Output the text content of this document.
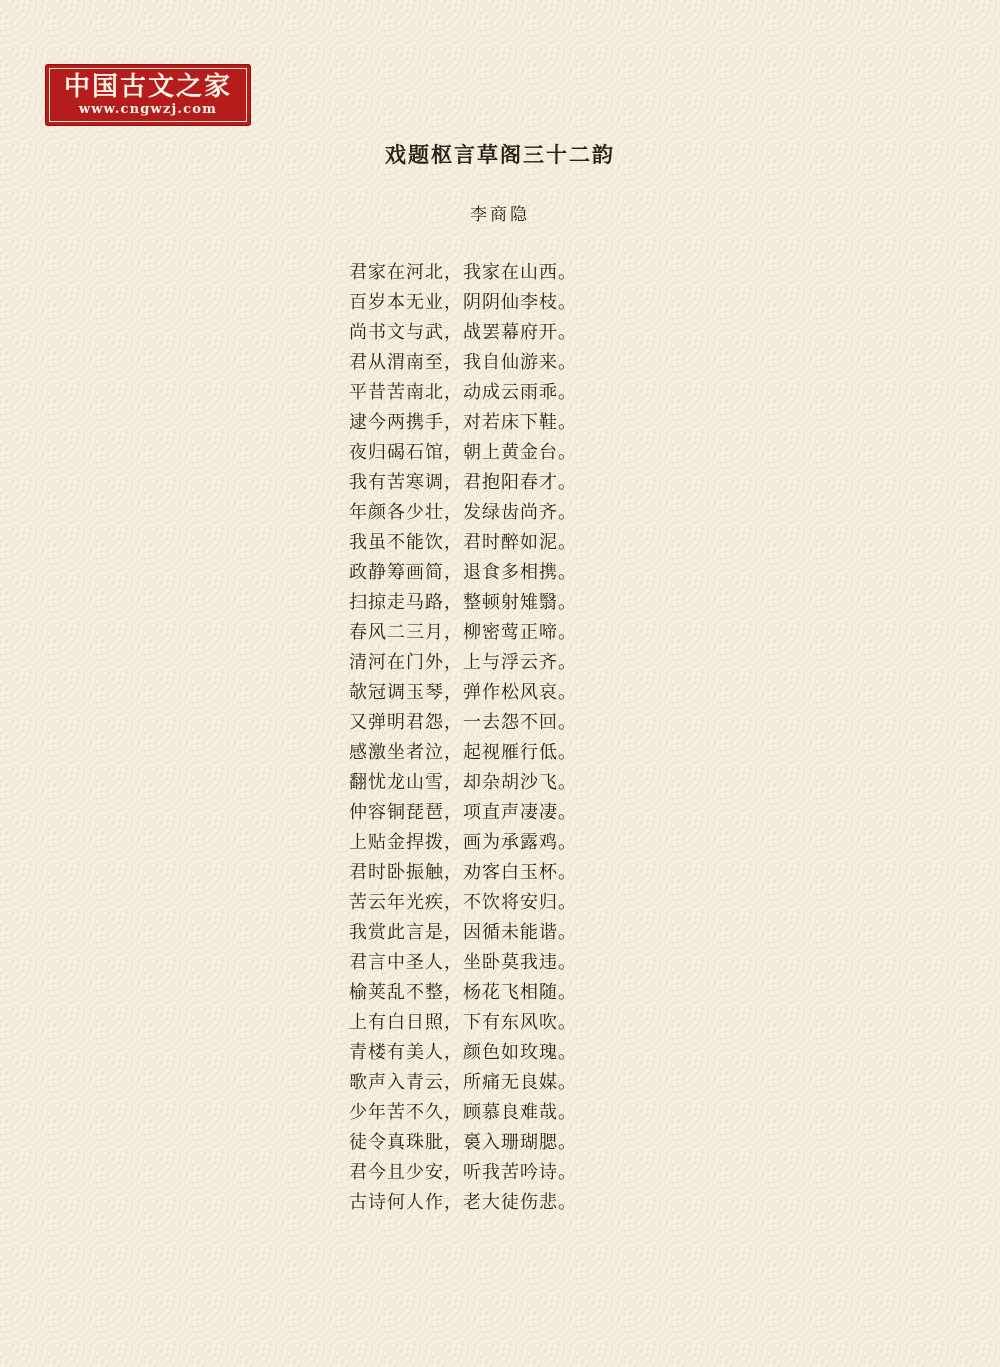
中国古文之家
www.cngwzj.com
戏题枢言草阁三十二韵
李商隐
君家在河北，我家在山西。
百岁本无业，阴阴仙李枝。
尚书文与武，战罢幕府开。
君从渭南至，我自仙游来。
平昔苦南北，动成云雨乖。
逮今两携手，对若床下鞋。
夜归碣石馆，朝上黄金台。
我有苦寒调，君抱阳春才。
年颜各少壮，发绿齿尚齐。
我虽不能饮，君时醉如泥。
政静筹画简，退食多相携。
扫掠走马路，整顿射雉翳。
春风二三月，柳密莺正啼。
清河在门外，上与浮云齐。
欹冠调玉琴，弹作松风哀。
又弹明君怨，一去怨不回。
感激坐者泣，起视雁行低。
翻忧龙山雪，却杂胡沙飞。
仲容铜琵琶，项直声凄凄。
上贴金捍拨，画为承露鸡。
君时卧振触，劝客白玉杯。
苦云年光疾，不饮将安归。
我赏此言是，因循未能谐。
君言中圣人，坐卧莫我违。
榆荚乱不整，杨花飞相随。
上有白日照，下有东风吹。
青楼有美人，颜色如玫瑰。
歌声入青云，所痛无良媒。
少年苦不久，顾慕良难哉。
徒令真珠肶，裛入珊瑚腮。
君今且少安，听我苦吟诗。
古诗何人作，老大徒伤悲。
